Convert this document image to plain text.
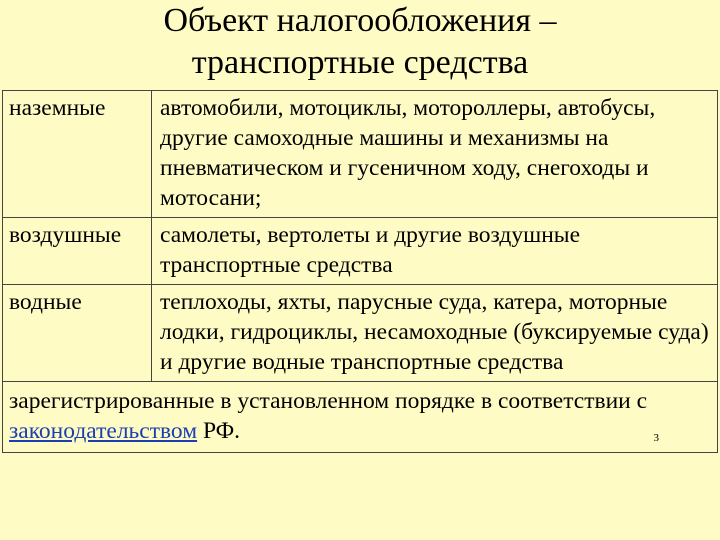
Объект налогообложения –
транспортные средства
наземные	автомобили, мотоциклы, мотороллеры, автобусы, другие самоходные машины и механизмы на пневматическом и гусеничном ходу, снегоходы и мотосани;
воздушные	самолеты, вертолеты и другие воздушные транспортные средства
водные	теплоходы, яхты, парусные суда, катера, моторные лодки, гидроциклы, несамоходные (буксируемые суда) и другие водные транспортные средства
зарегистрированные в установленном порядке в соответствии с законодательством РФ. 3	
